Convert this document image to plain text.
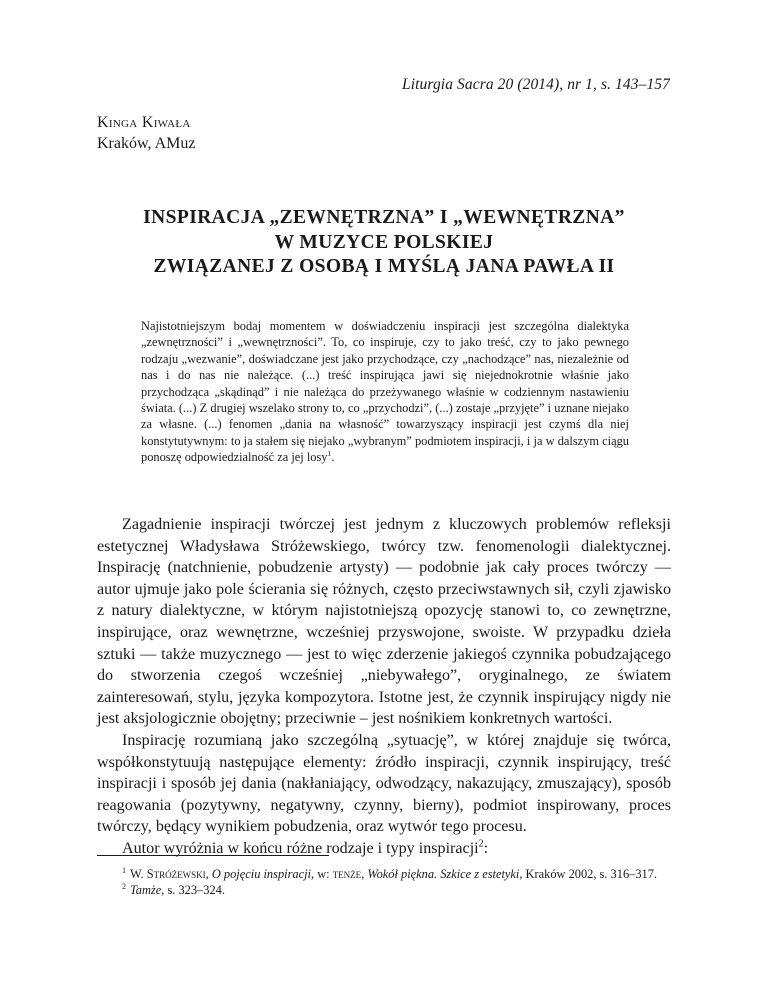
Liturgia Sacra 20 (2014), nr 1, s. 143–157
Kinga Kiwała
Kraków, AMuz
INSPIRACJA „ZEWNĘTRZNA” I „WEWNĘTRZNA”
W MUZYCE POLSKIEJ
ZWIĄZANEJ Z OSOBĄ I MYŚLĄ JANA PAWŁA II
Najistotniejszym bodaj momentem w doświadczeniu inspiracji jest szczególna dialektyka „zewnętrzności” i „wewnętrzności”. To, co inspiruje, czy to jako treść, czy to jako pewnego rodzaju „wezwanie”, doświadczane jest jako przychodzące, czy „nachodzące” nas, niezależnie od nas i do nas nie należące. (...) treść inspirująca jawi się niejednokrotnie właśnie jako przychodząca „skądinąd” i nie należąca do przeżywanego właśnie w codziennym nastawieniu świata. (...) Z drugiej wszelako strony to, co „przychodzi”, (...) zostaje „przyjęte” i uznane niejako za własne. (...) fenomen „dania na własność” towarzyszący inspiracji jest czymś dla niej konstytutywnym: to ja stałem się niejako „wybranym” podmiotem inspiracji, i ja w dalszym ciągu ponoszę odpowiedzialność za jej losy$^1$.

Zagadnienie inspiracji twórczej jest jednym z kluczowych problemów refleksji estetycznej Władysława Stróżewskiego, twórcy tzw. fenomenologii dialektycznej. Inspirację (natchnienie, pobudzenie artysty) — podobnie jak cały proces twórczy — autor ujmuje jako pole ścierania się różnych, często przeciwstawnych sił, czyli zjawisko z natury dialektyczne, w którym najistotniejszą opozycję stanowi to, co zewnętrzne, inspirujące, oraz wewnętrzne, wcześniej przyswojone, swoiste. W przypadku dzieła sztuki — także muzycznego — jest to więc zderzenie jakiegoś czynnika pobudzającego do stworzenia czegoś wcześniej „niebywałego”, oryginalnego, ze światem zainteresowań, stylu, języka kompozytora. Istotne jest, że czynnik inspirujący nigdy nie jest aksjologicznie obojętny; przeciwnie – jest nośnikiem konkretnych wartości.

Inspirację rozumianą jako szczególną „sytuację”, w której znajduje się twórca, współkonstytuują następujące elementy: źródło inspiracji, czynnik inspirujący, treść inspiracji i sposób jej dania (nakłaniający, odwodzący, nakazujący, zmuszający), sposób reagowania (pozytywny, negatywny, czynny, bierny), podmiot inspirowany, proces twórczy, będący wynikiem pobudzenia, oraz wytwór tego procesu.

Autor wyróżnia w końcu różne rodzaje i typy inspiracji$^2$:

$^1$ W. Stróżewski, O pojęciu inspiracji, w: tenże, Wokół piękna. Szkice z estetyki, Kraków 2002, s. 316–317.

$^2$ Tamże, s. 323–324.
